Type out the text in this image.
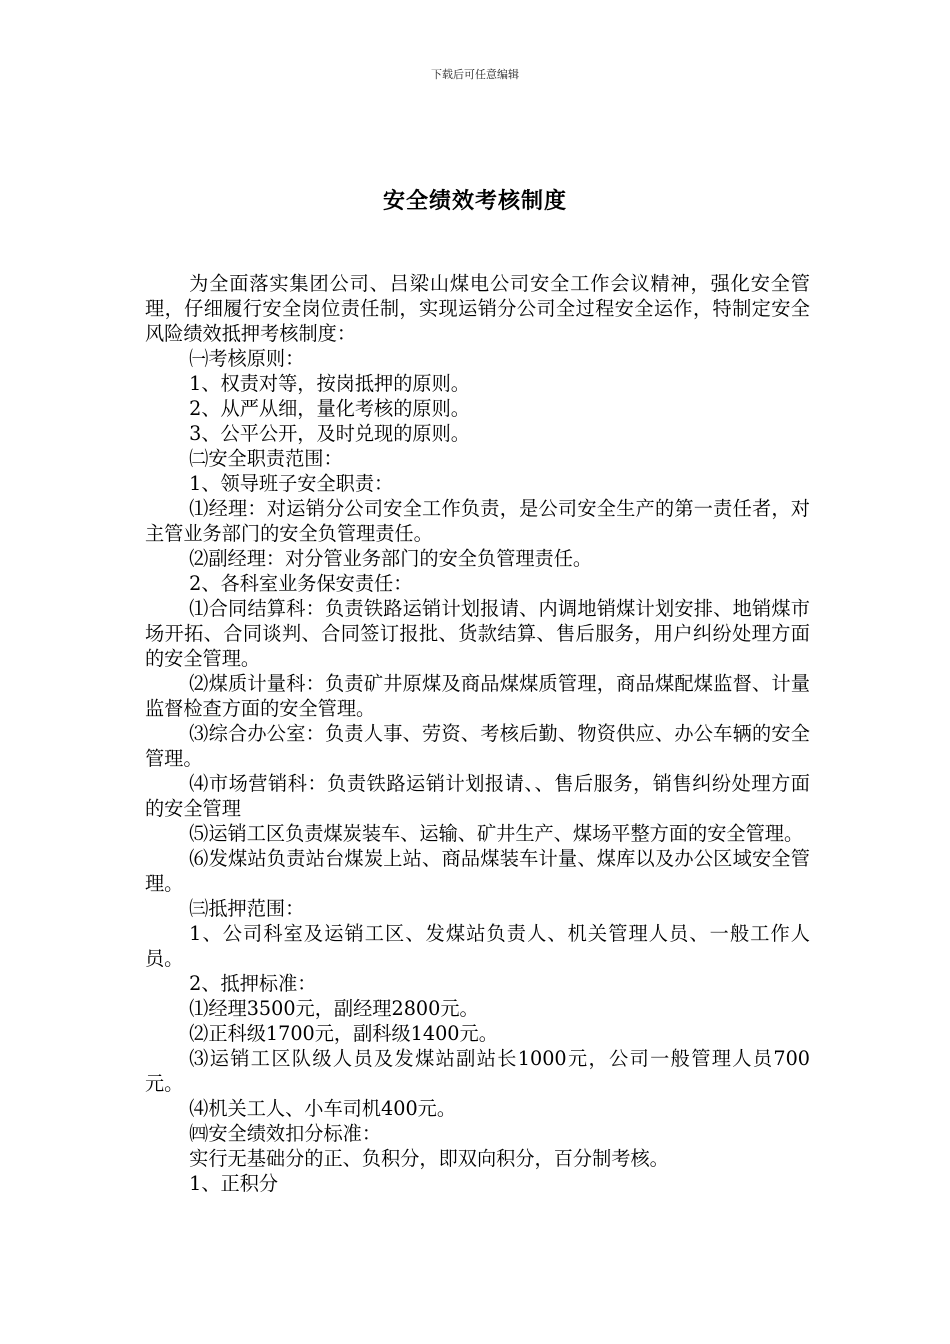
下载后可任意编辑
安全绩效考核制度

为全面落实集团公司、吕梁山煤电公司安全工作会议精神，强化安全管理，仔细履行安全岗位责任制，实现运销分公司全过程安全运作，特制定安全风险绩效抵押考核制度：

㈠考核原则：

1、权责对等，按岗抵押的原则。

2、从严从细，量化考核的原则。

3、公平公开，及时兑现的原则。

㈡安全职责范围：

1、领导班子安全职责：

⑴经理：对运销分公司安全工作负责，是公司安全生产的第一责任者，对主管业务部门的安全负管理责任。

⑵副经理：对分管业务部门的安全负管理责任。

2、各科室业务保安责任：

⑴合同结算科：负责铁路运销计划报请、内调地销煤计划安排、地销煤市场开拓、合同谈判、合同签订报批、货款结算、售后服务，用户纠纷处理方面的安全管理。

⑵煤质计量科：负责矿井原煤及商品煤煤质管理，商品煤配煤监督、计量监督检查方面的安全管理。

⑶综合办公室：负责人事、劳资、考核后勤、物资供应、办公车辆的安全管理。

⑷市场营销科：负责铁路运销计划报请、、售后服务，销售纠纷处理方面的安全管理

⑸运销工区负责煤炭装车、运输、矿井生产、煤场平整方面的安全管理。

⑹发煤站负责站台煤炭上站、商品煤装车计量、煤库以及办公区域安全管理。

㈢抵押范围：

1、公司科室及运销工区、发煤站负责人、机关管理人员、一般工作人员。

2、抵押标准：

⑴经理3500元，副经理2800元。

⑵正科级1700元，副科级1400元。

⑶运销工区队级人员及发煤站副站长1000元，公司一般管理人员700元。

⑷机关工人、小车司机400元。

㈣安全绩效扣分标准：

实行无基础分的正、负积分，即双向积分，百分制考核。

1、正积分
